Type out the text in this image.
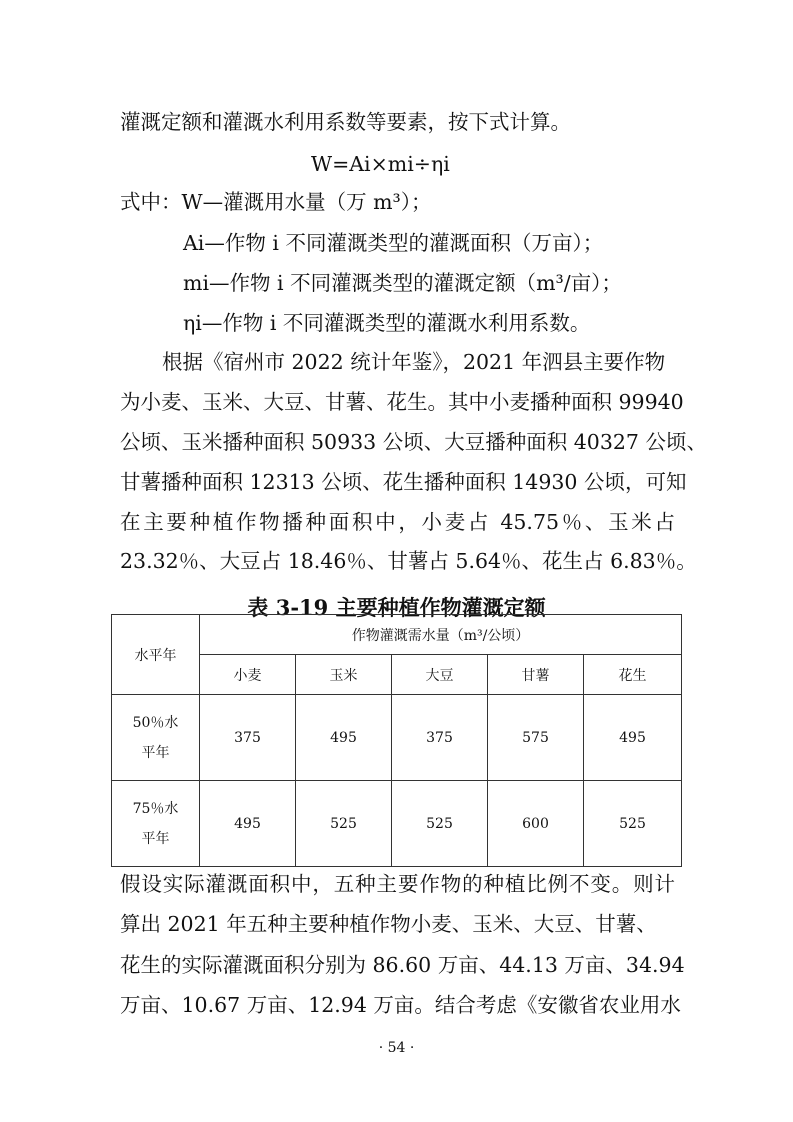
灌溉定额和灌溉水利用系数等要素，按下式计算。
W=Ai×mi÷ηi
式中：W—灌溉用水量（万 m³）；
Ai—作物 i 不同灌溉类型的灌溉面积（万亩）；
mi—作物 i 不同灌溉类型的灌溉定额（m³/亩）；
ηi—作物 i 不同灌溉类型的灌溉水利用系数。
根据《宿州市 2022 统计年鉴》，2021 年泗县主要作物
为小麦、玉米、大豆、甘薯、花生。其中小麦播种面积 99940
公顷、玉米播种面积 50933 公顷、大豆播种面积 40327 公顷、
甘薯播种面积 12313 公顷、花生播种面积 14930 公顷，可知
在主要种植作物播种面积中，小麦占 45.75％、玉米占
23.32％、大豆占 18.46％、甘薯占 5.64％、花生占 6.83％。
表 3-19 主要种植作物灌溉定额
水平年	作物灌溉需水量（m³/公顷）				
	小麦	玉米	大豆	甘薯	花生

50％水平年	375	495	375	575	495

75％水平年	495	525	525	600	525
假设实际灌溉面积中，五种主要作物的种植比例不变。则计
算出 2021 年五种主要种植作物小麦、玉米、大豆、甘薯、
花生的实际灌溉面积分别为 86.60 万亩、44.13 万亩、34.94
万亩、10.67 万亩、12.94 万亩。结合考虑《安徽省农业用水
· 54 ·
